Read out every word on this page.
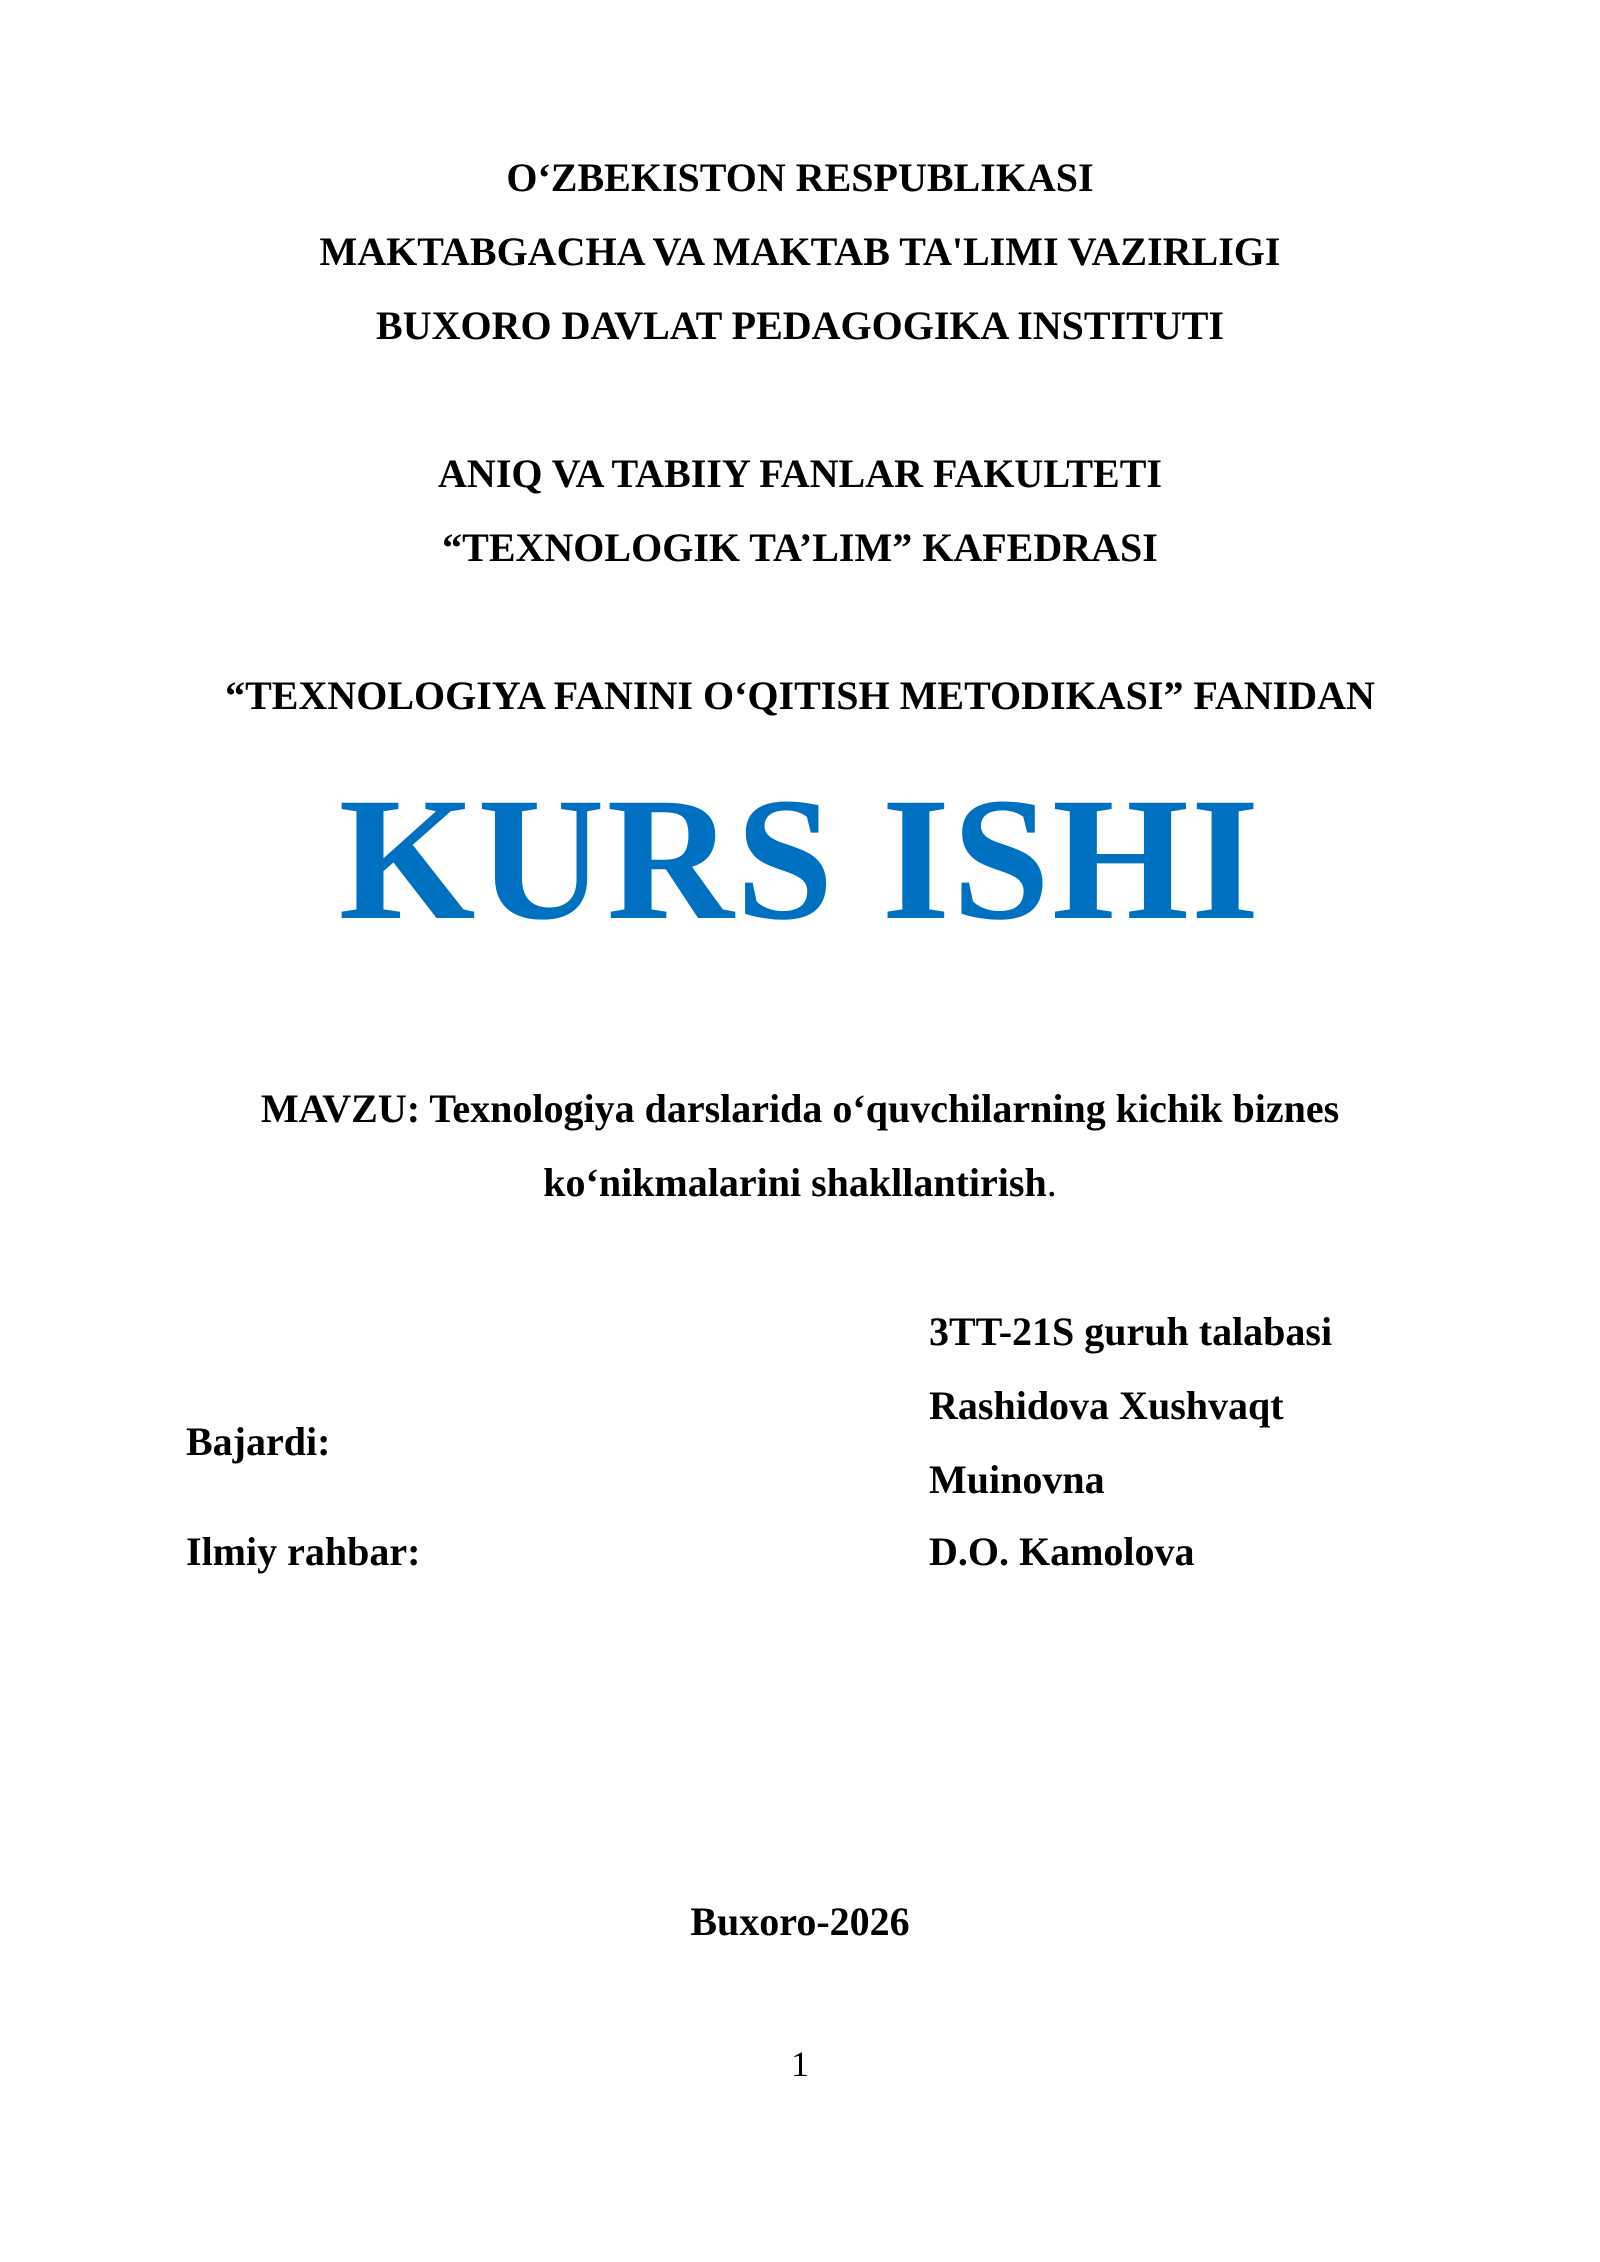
O‘ZBEKISTON RESPUBLIKASI
MAKTABGACHA VA MAKTAB TA'LIMI VAZIRLIGI
BUXORO DAVLAT PEDAGOGIKA INSTITUTI
ANIQ VA TABIIY FANLAR FAKULTETI
“TEXNOLOGIK TA’LIM” KAFEDRASI
“TEXNOLOGIYA FANINI O‘QITISH METODIKASI” FANIDAN
KURS ISHI
MAVZU: Texnologiya darslarida o‘quvchilarning kichik biznes
ko‘nikmalarini shakllantirish.
3TT-21S guruh talabasi
Rashidova Xushvaqt
Bajardi:
Muinovna
Ilmiy rahbar:	D.O. Kamolova
Buxoro-2026
1
